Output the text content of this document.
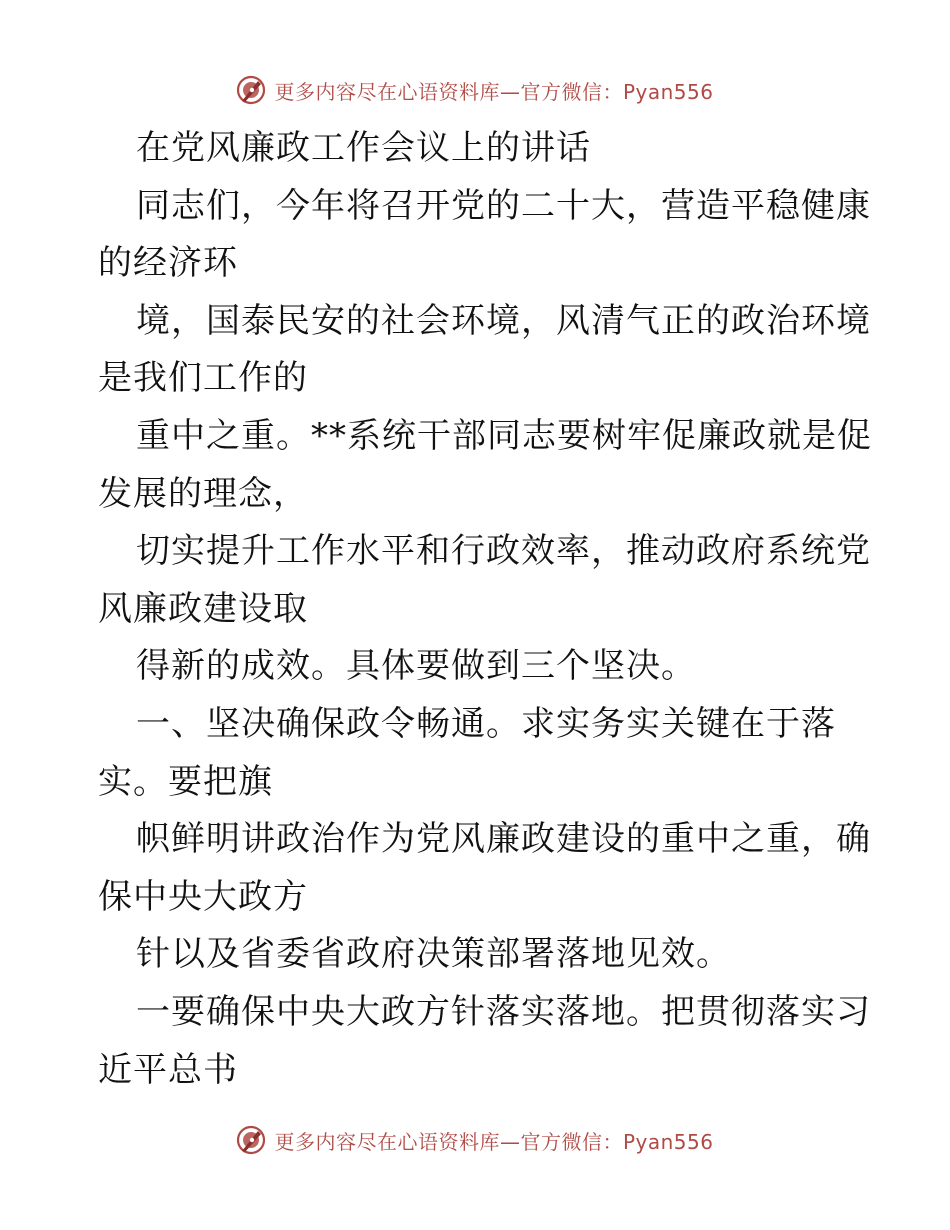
更多内容尽在心语资料库—官方微信：Pyan556
在党风廉政工作会议上的讲话
同志们，今年将召开党的二十大，营造平稳健康
的经济环
境，国泰民安的社会环境，风清气正的政治环境
是我们工作的
重中之重。**系统干部同志要树牢促廉政就是促
发展的理念，
切实提升工作水平和行政效率，推动政府系统党
风廉政建设取
得新的成效。具体要做到三个坚决。
一、坚决确保政令畅通。求实务实关键在于落
实。要把旗
帜鲜明讲政治作为党风廉政建设的重中之重，确
保中央大政方
针以及省委省政府决策部署落地见效。
一要确保中央大政方针落实落地。把贯彻落实习
近平总书
更多内容尽在心语资料库—官方微信：Pyan556
